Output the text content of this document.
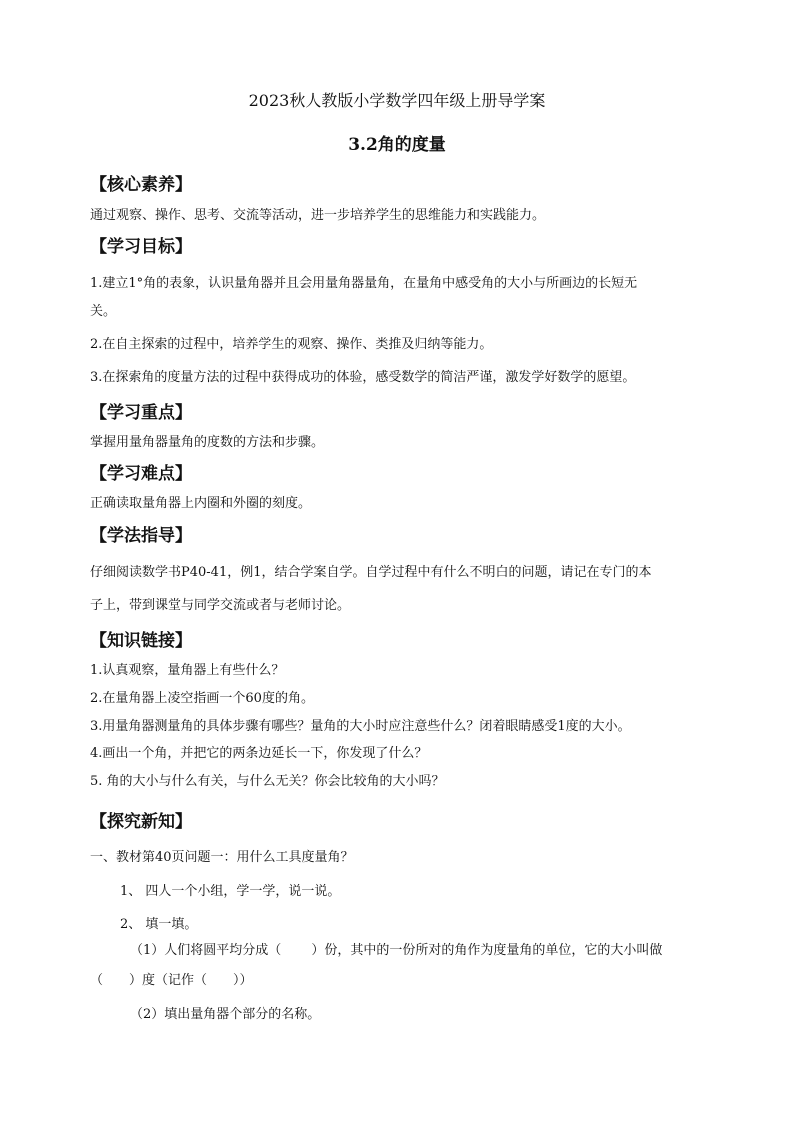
2023秋人教版小学数学四年级上册导学案
3.2角的度量
【核心素养】
通过观察、操作、思考、交流等活动，进一步培养学生的思维能力和实践能力。
【学习目标】
1.建立1°角的表象，认识量角器并且会用量角器量角，在量角中感受角的大小与所画边的长短无
关。
2.在自主探索的过程中，培养学生的观察、操作、类推及归纳等能力。
3.在探索角的度量方法的过程中获得成功的体验，感受数学的简洁严谨，激发学好数学的愿望。
【学习重点】
掌握用量角器量角的度数的方法和步骤。
【学习难点】
正确读取量角器上内圈和外圈的刻度。
【学法指导】
仔细阅读数学书P40-41，例1，结合学案自学。自学过程中有什么不明白的问题，请记在专门的本
子上，带到课堂与同学交流或者与老师讨论。
【知识链接】
1.认真观察，量角器上有些什么？
2.在量角器上凌空指画一个60度的角。
3.用量角器测量角的具体步骤有哪些？量角的大小时应注意些什么？闭着眼睛感受1度的大小。
4.画出一个角，并把它的两条边延长一下，你发现了什么？
5. 角的大小与什么有关，与什么无关？你会比较角的大小吗？
【探究新知】
一、教材第40页问题一：用什么工具度量角？
1、 四人一个小组，学一学，说一说。
2、 填一填。
（1）人们将圆平均分成（　　 ）份，其中的一份所对的角作为度量角的单位，它的大小叫做
（　　）度（记作（　　））
（2）填出量角器个部分的名称。
